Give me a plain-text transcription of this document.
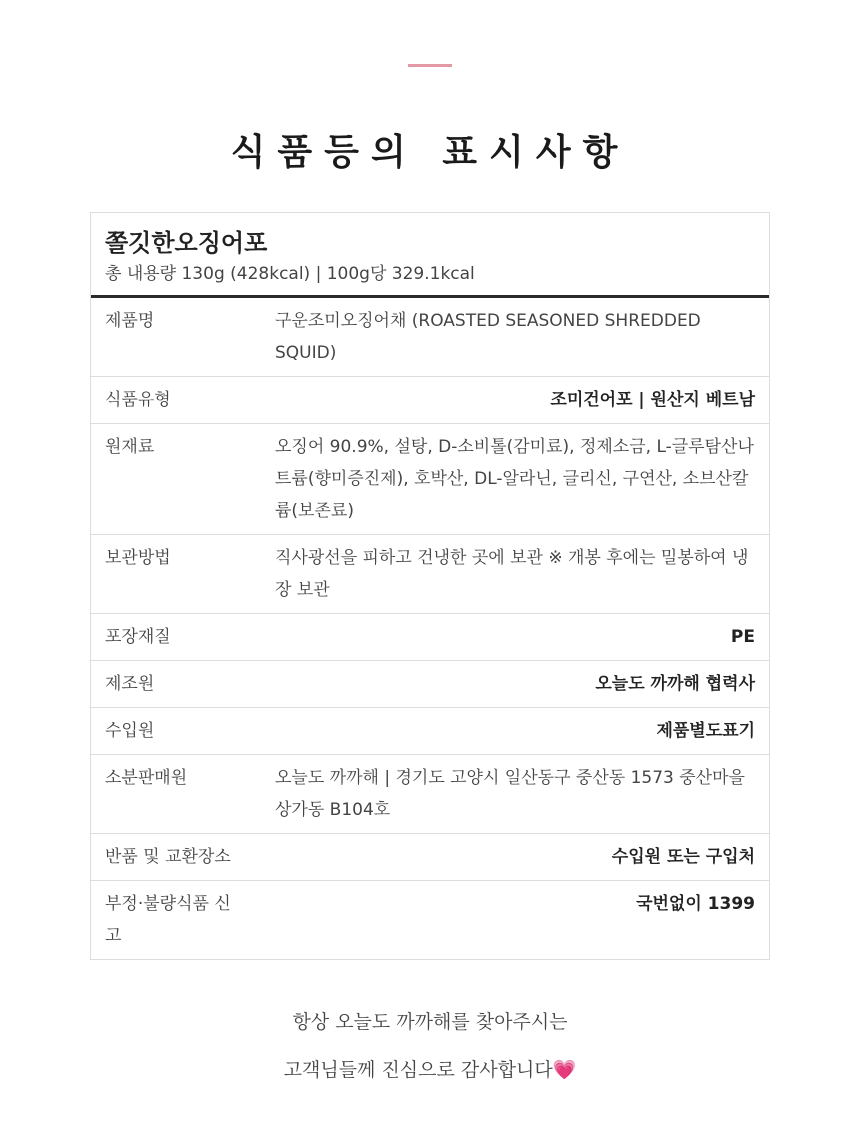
식품등의 표시사항
쫄깃한오징어포
총 내용량 130g (428kcal) | 100g당 329.1kcal
제품명	구운조미오징어채 (ROASTED SEASONED SHREDDED SQUID)
식품유형	조미건어포 | 원산지 베트남
원재료	오징어 90.9%, 설탕, D-소비톨(감미료), 정제소금, L-글루탐산나트륨(향미증진제), 호박산, DL-알라닌, 글리신, 구연산, 소브산칼륨(보존료)
보관방법	직사광선을 피하고 건냉한 곳에 보관 ※ 개봉 후에는 밀봉하여 냉장 보관
포장재질	PE
제조원	오늘도 까까해 협력사
수입원	제품별도표기
소분판매원	오늘도 까까해 | 경기도 고양시 일산동구 중산동 1573 중산마을 상가동 B104호
반품 및 교환장소	수입원 또는 구입처
부정·불량식품 신고	국번없이 1399
항상 오늘도 까까해를 찾아주시는
고객님들께 진심으로 감사합니다💗
